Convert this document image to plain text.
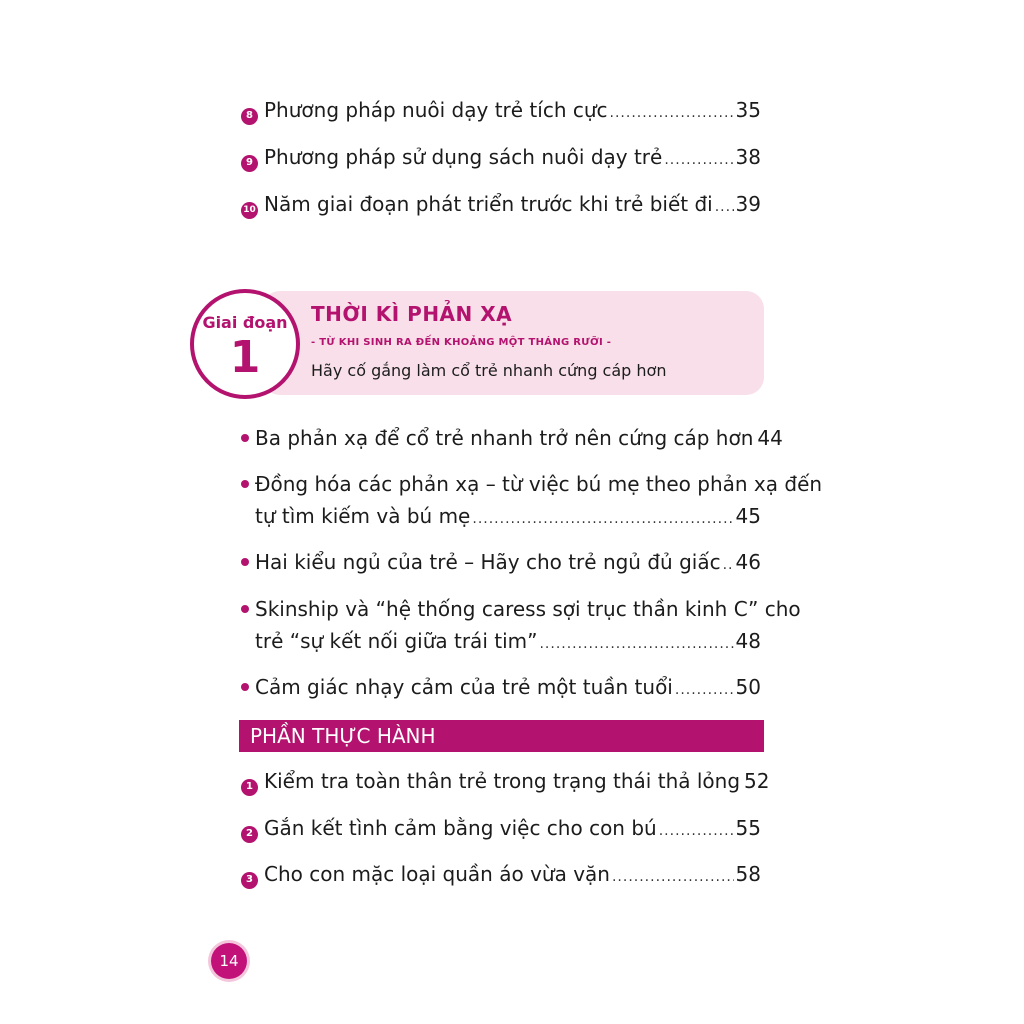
8 Phương pháp nuôi dạy trẻ tích cực .....	35
9 Phương pháp sử dụng sách nuôi dạy trẻ .....	38
10 Năm giai đoạn phát triển trước khi trẻ biết đi ..... 39
Giai đoạn
1
THỜI KÌ PHẢN XẠ
- TỪ KHI SINH RA ĐẾN KHOẢNG MỘT THÁNG RƯỠI -
Hãy cố gắng làm cổ trẻ nhanh cứng cáp hơn
Ba phản xạ để cổ trẻ nhanh trở nên cứng cáp hơn 44
Đồng hóa các phản xạ – từ việc bú mẹ theo phản xạ đến
tự tìm kiếm và bú mẹ .....	45
Hai kiểu ngủ của trẻ – Hãy cho trẻ ngủ đủ giấc ..... 46
Skinship và “hệ thống caress sợi trục thần kinh C” cho
trẻ “sự kết nối giữa trái tim” .....	48
Cảm giác nhạy cảm của trẻ một tuần tuổi .....	50
PHẦN THỰC HÀNH
1 Kiểm tra toàn thân trẻ trong trạng thái thả lỏng 52
2 Gắn kết tình cảm bằng việc cho con bú .....	55
3 Cho con mặc loại quần áo vừa vặn .....	58
14
